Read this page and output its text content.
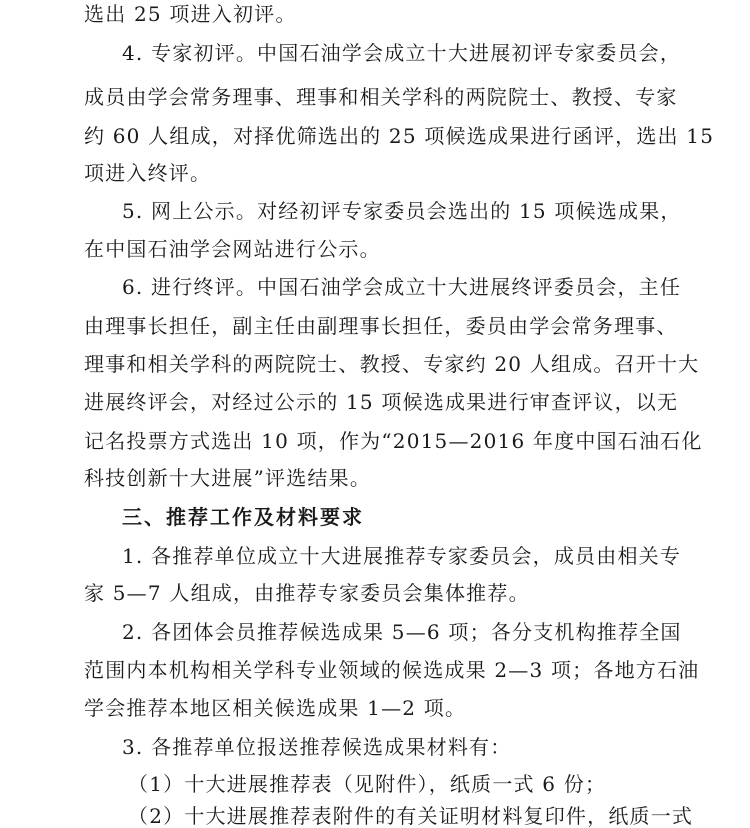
选出 25 项进入初评。
4. 专家初评。中国石油学会成立十大进展初评专家委员会，
成员由学会常务理事、理事和相关学科的两院院士、教授、专家
约 60 人组成，对择优筛选出的 25 项候选成果进行函评，选出 15
项进入终评。
5. 网上公示。对经初评专家委员会选出的 15 项候选成果，
在中国石油学会网站进行公示。
6. 进行终评。中国石油学会成立十大进展终评委员会，主任
由理事长担任，副主任由副理事长担任，委员由学会常务理事、
理事和相关学科的两院院士、教授、专家约 20 人组成。召开十大
进展终评会，对经过公示的 15 项候选成果进行审查评议，以无
记名投票方式选出 10 项，作为“2015—2016 年度中国石油石化
科技创新十大进展”评选结果。
三、推荐工作及材料要求
1. 各推荐单位成立十大进展推荐专家委员会，成员由相关专
家 5—7 人组成，由推荐专家委员会集体推荐。
2. 各团体会员推荐候选成果 5—6 项；各分支机构推荐全国
范围内本机构相关学科专业领域的候选成果 2—3 项；各地方石油
学会推荐本地区相关候选成果 1—2 项。
3. 各推荐单位报送推荐候选成果材料有：
（1）十大进展推荐表（见附件），纸质一式 6 份；
（2）十大进展推荐表附件的有关证明材料复印件，纸质一式
